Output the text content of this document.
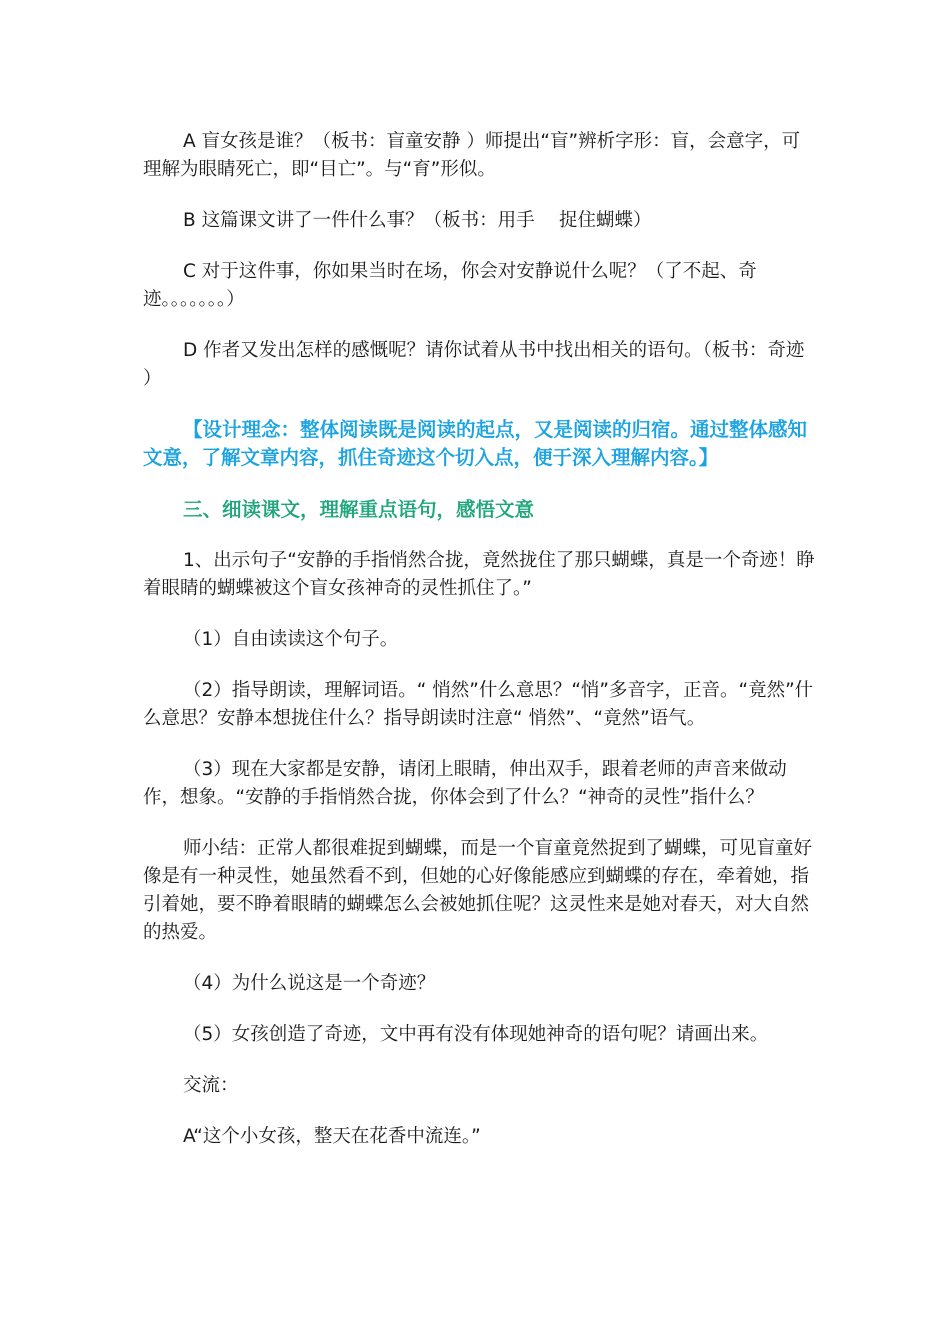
A 盲女孩是谁？（板书：盲童安静 ）师提出“盲”辨析字形：盲，会意字，可理解为眼睛死亡，即“目亡”。与“育”形似。

B 这篇课文讲了一件什么事？（板书：用手　 捉住蝴蝶）

C 对于这件事，你如果当时在场，你会对安静说什么呢？（了不起、奇迹。。。。。。。）

D 作者又发出怎样的感慨呢？请你试着从书中找出相关的语句。（板书：奇迹 ）

【设计理念：整体阅读既是阅读的起点，又是阅读的归宿。通过整体感知文意，了解文章内容，抓住奇迹这个切入点，便于深入理解内容。】

三、细读课文，理解重点语句，感悟文意

1、出示句子“安静的手指悄然合拢，竟然拢住了那只蝴蝶，真是一个奇迹！睁着眼睛的蝴蝶被这个盲女孩神奇的灵性抓住了。”

（1）自由读读这个句子。

（2）指导朗读，理解词语。“ 悄然”什么意思？“悄”多音字，正音。“竟然”什么意思？安静本想拢住什么？指导朗读时注意“ 悄然”、“竟然”语气。

（3）现在大家都是安静，请闭上眼睛，伸出双手，跟着老师的声音来做动作，想象。“安静的手指悄然合拢，你体会到了什么？“神奇的灵性”指什么？

师小结：正常人都很难捉到蝴蝶，而是一个盲童竟然捉到了蝴蝶，可见盲童好像是有一种灵性，她虽然看不到，但她的心好像能感应到蝴蝶的存在，牵着她，指引着她，要不睁着眼睛的蝴蝶怎么会被她抓住呢？这灵性来是她对春天，对大自然的热爱。

（4）为什么说这是一个奇迹？

（5）女孩创造了奇迹，文中再有没有体现她神奇的语句呢？请画出来。

交流：

A“这个小女孩，整天在花香中流连。”
